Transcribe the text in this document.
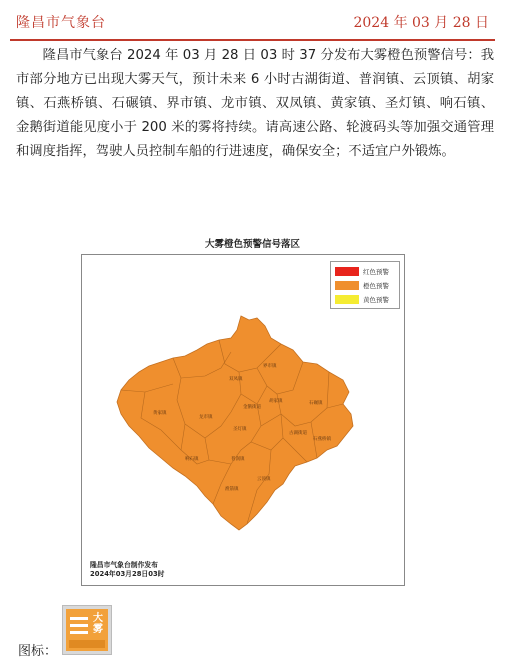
隆昌市气象台	2024 年 03 月 28 日
隆昌市气象台 2024 年 03 月 28 日 03 时 37 分发布大雾橙色预警信号：我市部分地方已出现大雾天气，预计未来 6 小时古湖街道、普润镇、云顶镇、胡家镇、石燕桥镇、石碾镇、界市镇、龙市镇、双凤镇、黄家镇、圣灯镇、响石镇、金鹅街道能见度小于 200 米的雾将持续。请高速公路、轮渡码头等加强交通管理和调度指挥，驾驶人员控制车船的行进速度，确保安全；不适宜户外锻炼。
大雾橙色预警信号落区
界市镇
双凤镇
黄家镇
龙市镇
金鹅街道
胡家镇	石碾镇
古湖街道
圣灯镇
石燕桥镇
响石镇	普润镇
云顶镇
渔箭镇
红色预警
橙色预警
黄色预警
隆昌市气象台制作发布
2024年03月28日03时
图标：
大雾
